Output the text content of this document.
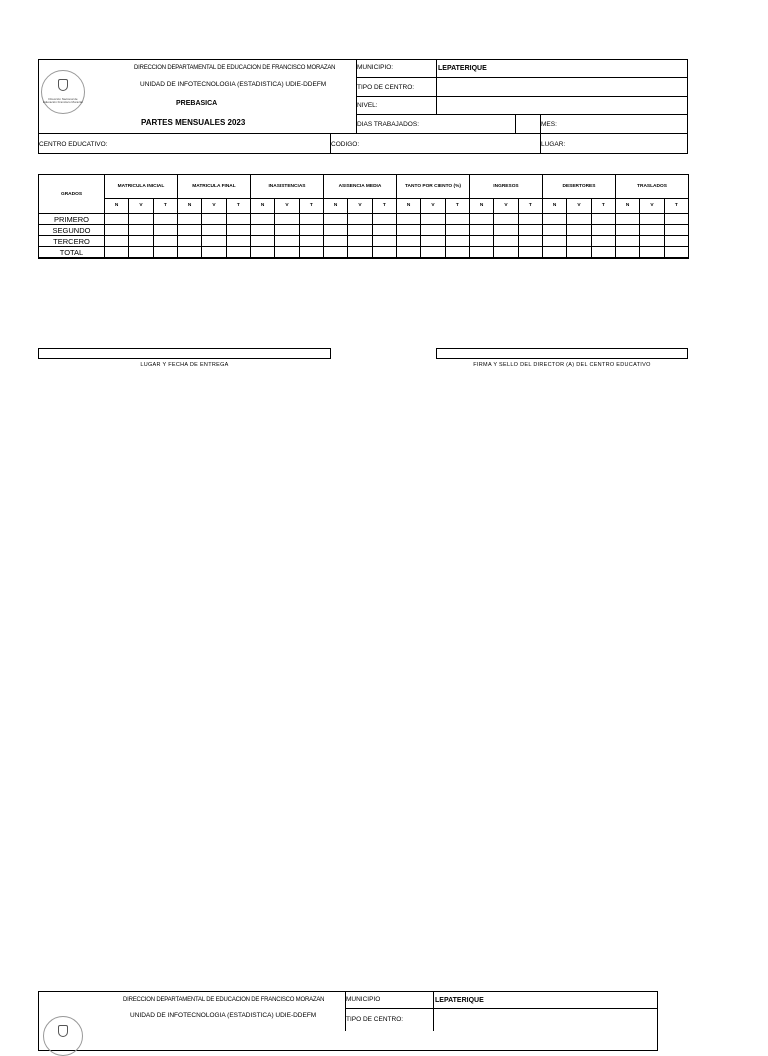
Dirección Nacional de Educación Francisco Morazán
DIRECCION DEPARTAMENTAL DE EDUCACION DE FRANCISCO MORAZAN
UNIDAD DE INFOTECNOLOGIA (ESTADISTICA) UDIE-DDEFM
PREBASICA
PARTES MENSUALES 2023
MUNICIPIO:	LEPATERIQUE
TIPO DE CENTRO:
NIVEL:
DIAS TRABAJADOS:	MES:
CENTRO EDUCATIVO:	CODIGO:	LUGAR:
GRADOS	MATRICULA INICIAL			MATRICULA FINAL			INASISTENCIAS			ASISENCIA MEDIA			TANTO POR CIENTO (%)			INGRESOS			DESERTORES			TRASLADOS		
	N	V	T	N	V	T	N	V	T	N	V	T	N	V	T	N	V	T	N	V	T	N	V	T
PRIMERO																								
SEGUNDO																								
TERCERO																								
TOTAL																								
LUGAR Y FECHA DE ENTREGA	FIRMA Y SELLO DEL DIRECTOR (A) DEL CENTRO EDUCATIVO
DIRECCION DEPARTAMENTAL DE EDUCACION DE FRANCISCO MORAZAN
UNIDAD DE INFOTECNOLOGIA (ESTADISTICA) UDIE-DDEFM
MUNICIPIO	LEPATERIQUE
TIPO DE CENTRO:
